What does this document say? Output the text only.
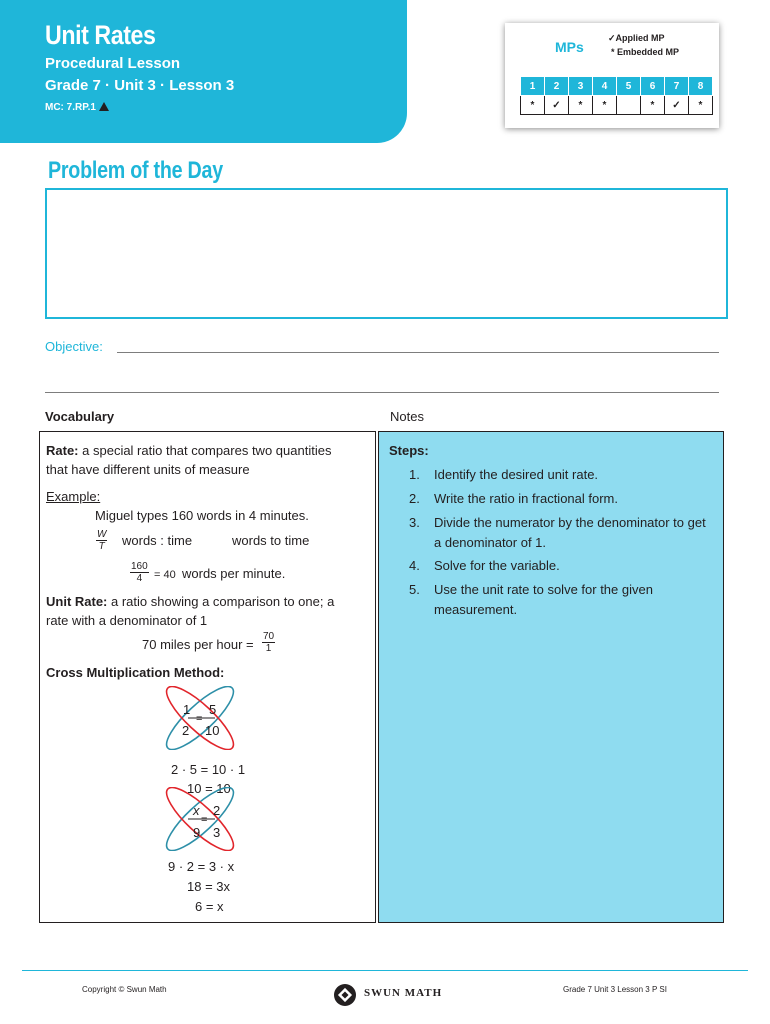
Unit Rates
Procedural Lesson
Grade 7 · Unit 3 · Lesson 3
MC: 7.RP.1
MPs
✓Applied MP
* Embedded MP
1	2	3	4	5	6	7	8
*	✓	*	*		*	✓	*
Problem of the Day
Objective:
Vocabulary	Notes
Rate: a special ratio that compares two quantities
that have different units of measure
Example:
Miguel types 160 words in 4 minutes.
$\frac{W}{T}$ words : time	words to time
$\frac{160}{4} = 40$ words per minute.
Unit Rate: a ratio showing a comparison to one; a
rate with a denominator of 1
70 miles per hour = $\frac{70}{1}$
Cross Multiplication Method:
1 5
=
2 10
2 · 5 = 10 · 1
10 = 10
x 2
=
9 3
9 · 2 = 3 · x
18 = 3x
6 = x
Steps:
1. Identify the desired unit rate.
2. Write the ratio in fractional form.
3. Divide the numerator by the denominator to get a denominator of 1.
4. Solve for the variable.
5. Use the unit rate to solve for the given measurement.
Copyright © Swun Math	SWUN MATH	Grade 7 Unit 3 Lesson 3 P SI
